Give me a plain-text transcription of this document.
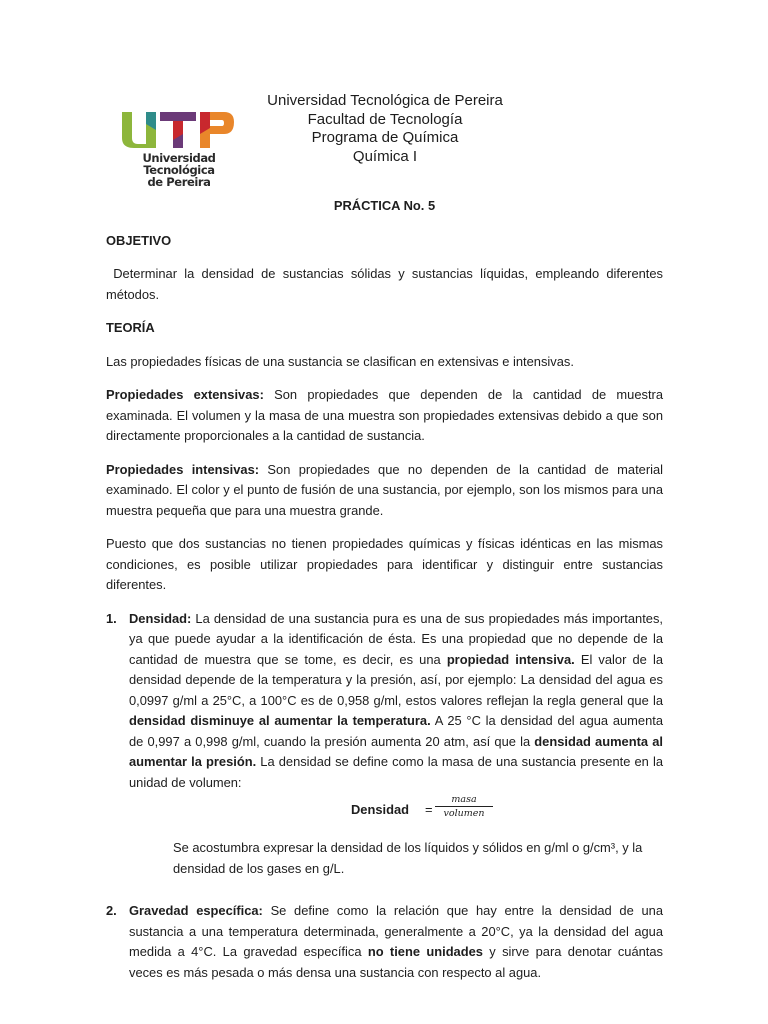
Universidad Tecnológica
de Pereira
Universidad Tecnológica de Pereira
Facultad de Tecnología
Programa de Química
Química I
PRÁCTICA No. 5
OBJETIVO

Determinar la densidad de sustancias sólidas y sustancias líquidas, empleando diferentes métodos.

TEORÍA

Las propiedades físicas de una sustancia se clasifican en extensivas e intensivas.

Propiedades extensivas: Son propiedades que dependen de la cantidad de muestra examinada. El volumen y la masa de una muestra son propiedades extensivas debido a que son directamente proporcionales a la cantidad de sustancia.

Propiedades intensivas: Son propiedades que no dependen de la cantidad de material examinado. El color y el punto de fusión de una sustancia, por ejemplo, son los mismos para una muestra pequeña que para una muestra grande.

Puesto que dos sustancias no tienen propiedades químicas y físicas idénticas en las mismas condiciones, es posible utilizar propiedades para identificar y distinguir entre sustancias diferentes.

1. Densidad: La densidad de una sustancia pura es una de sus propiedades más importantes, ya que puede ayudar a la identificación de ésta. Es una propiedad que no depende de la cantidad de muestra que se tome, es decir, es una propiedad intensiva. El valor de la densidad depende de la temperatura y la presión, así, por ejemplo: La densidad del agua es 0,0997 g/ml a 25°C, a 100°C es de 0,958 g/ml, estos valores reflejan la regla general que la densidad disminuye al aumentar la temperatura. A 25 °C la densidad del agua aumenta de 0,997 a 0,998 g/ml, cuando la presión aumenta 20 atm, así que la densidad aumenta al aumentar la presión. La densidad se define como la masa de una sustancia presente en la unidad de volumen:
Densidad =
masa
volumen
Se acostumbra expresar la densidad de los líquidos y sólidos en g/ml o g/cm³, y la densidad de los gases en g/L.
2. Gravedad específica: Se define como la relación que hay entre la densidad de una sustancia a una temperatura determinada, generalmente a 20°C, ya la densidad del agua medida a 4°C. La gravedad específica no tiene unidades y sirve para denotar cuántas veces es más pesada o más densa una sustancia con respecto al agua.
